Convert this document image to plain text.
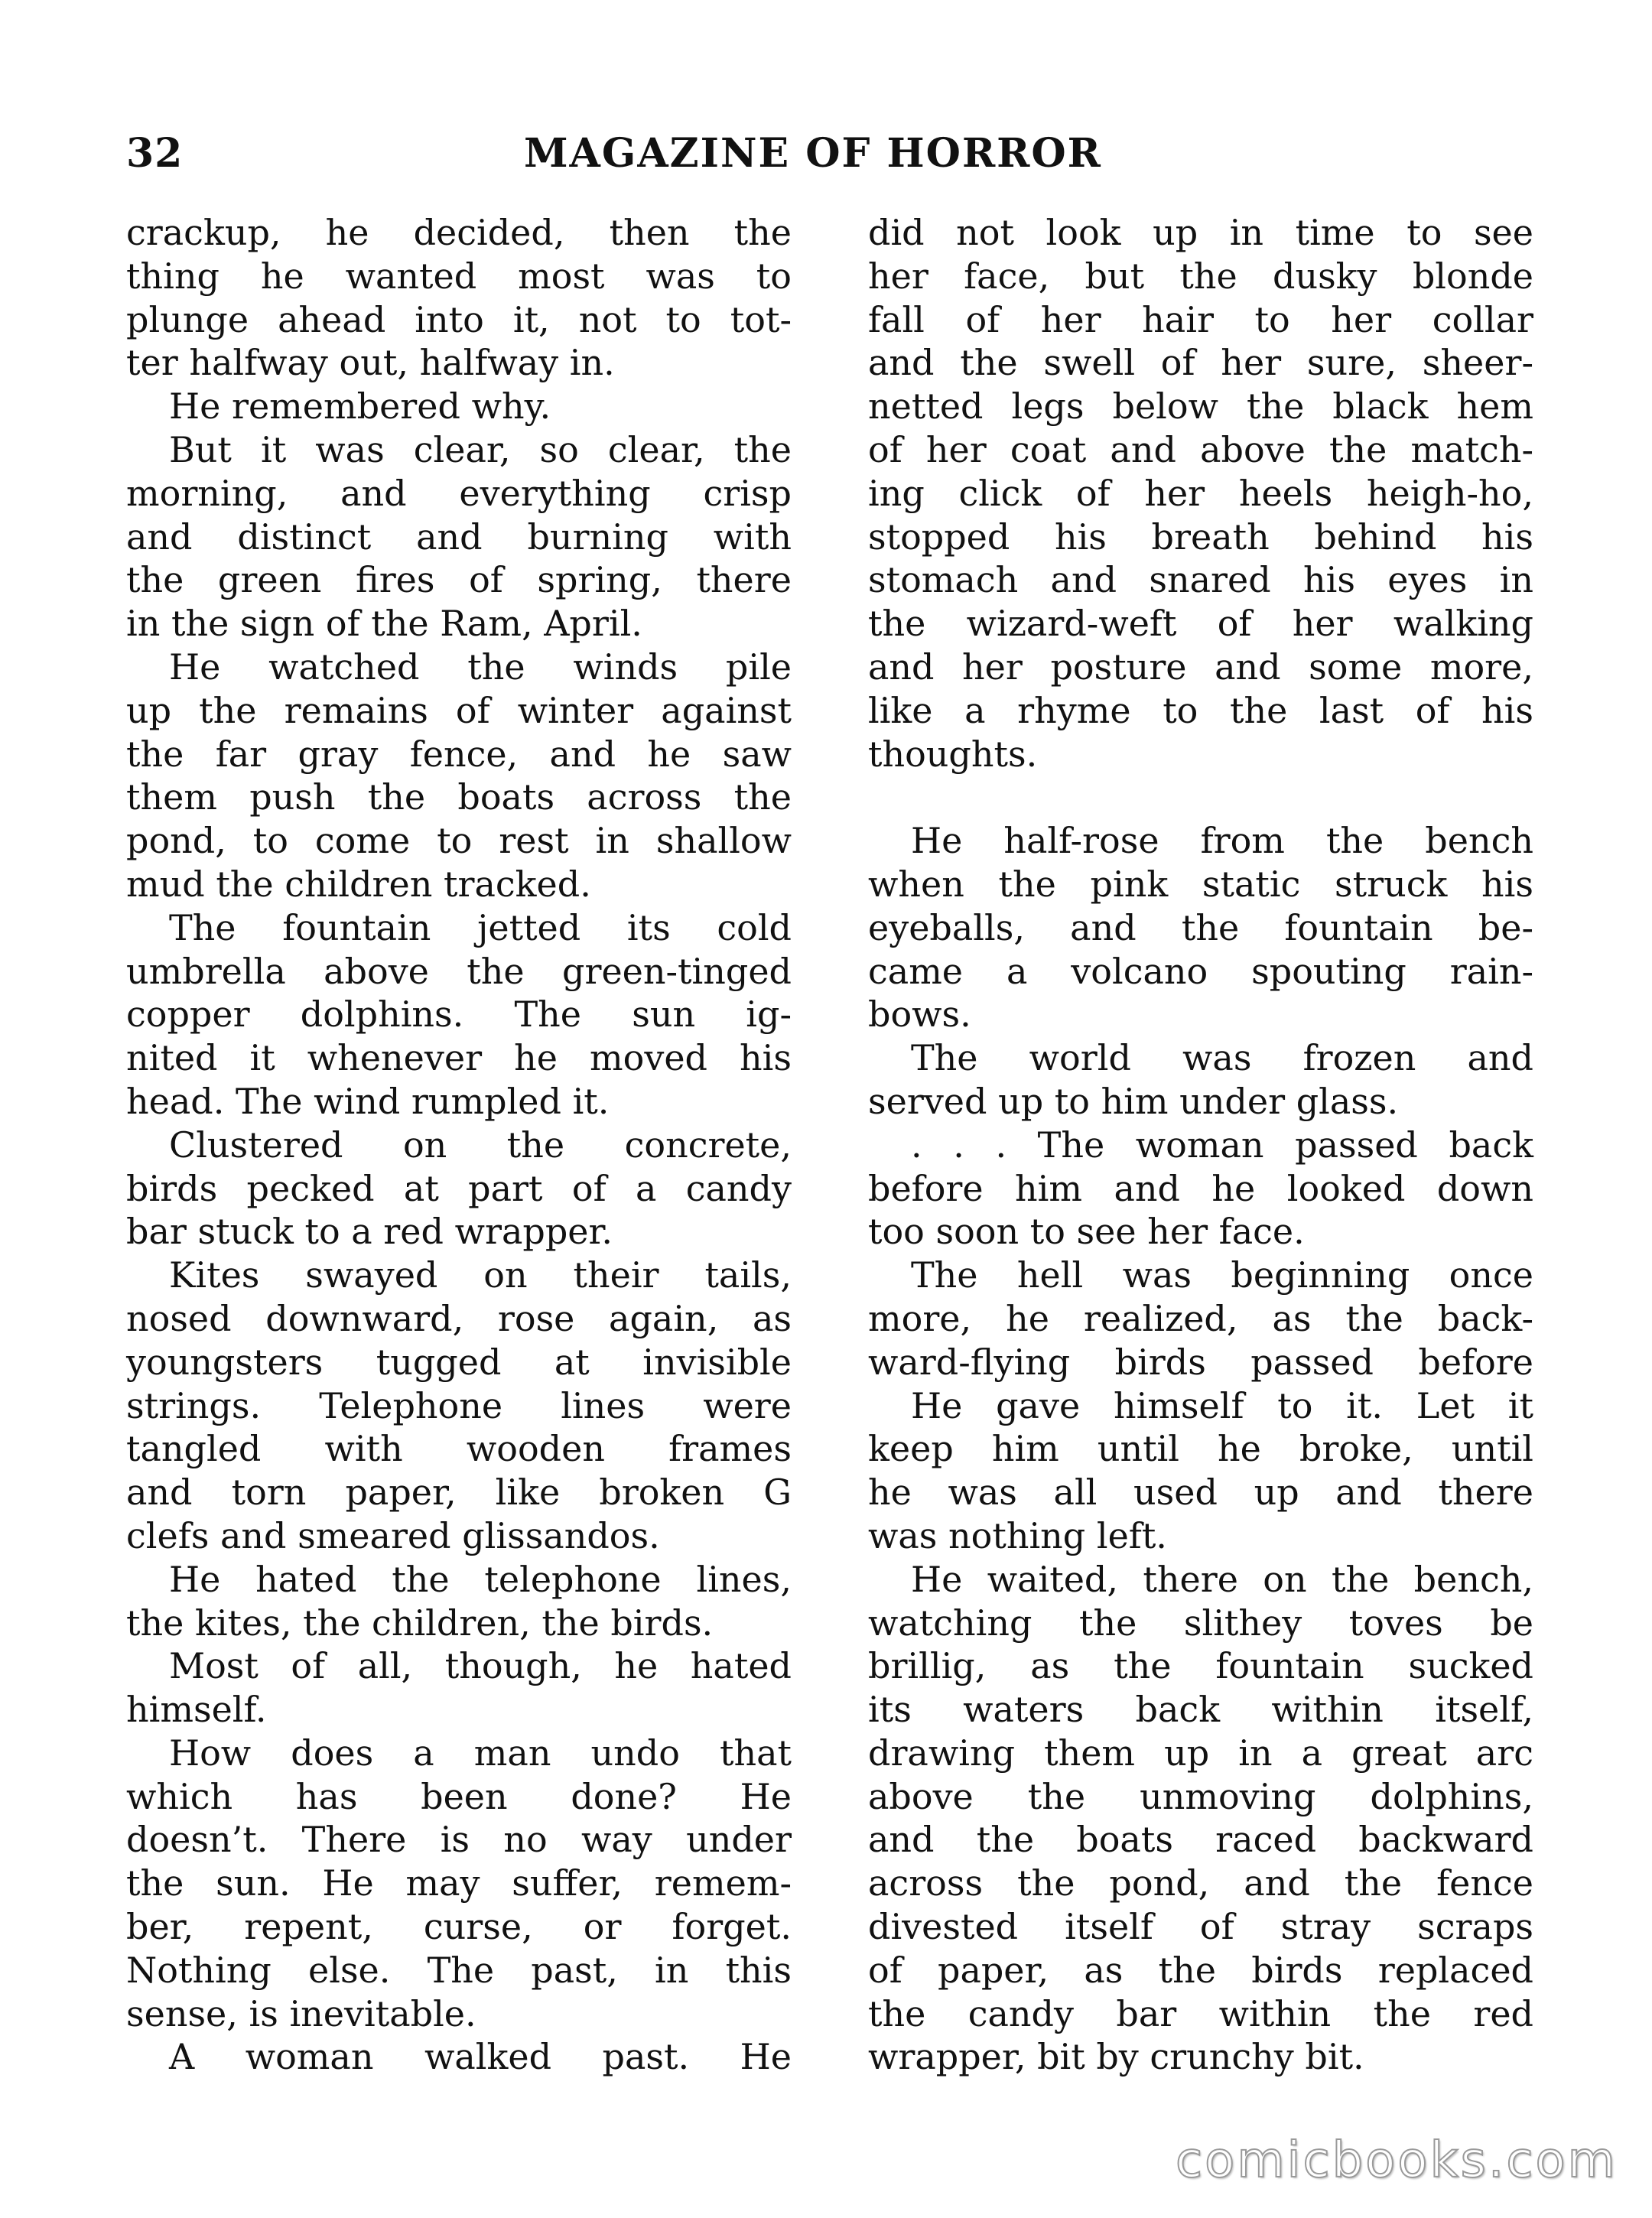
32	MAGAZINE OF HORROR
crackup, he decided, then the
thing he wanted most was to
plunge ahead into it, not to tot-
ter halfway out, halfway in.
He remembered why.
But it was clear, so clear, the
morning, and everything crisp
and distinct and burning with
the green fires of spring, there
in the sign of the Ram, April.
He watched the winds pile
up the remains of winter against
the far gray fence, and he saw
them push the boats across the
pond, to come to rest in shallow
mud the children tracked.
The fountain jetted its cold
umbrella above the green-tinged
copper dolphins. The sun ig-
nited it whenever he moved his
head. The wind rumpled it.
Clustered on the concrete,
birds pecked at part of a candy
bar stuck to a red wrapper.
Kites swayed on their tails,
nosed downward, rose again, as
youngsters tugged at invisible
strings. Telephone lines were
tangled with wooden frames
and torn paper, like broken G
clefs and smeared glissandos.
He hated the telephone lines,
the kites, the children, the birds.
Most of all, though, he hated
himself.
How does a man undo that
which has been done? He
doesn’t. There is no way under
the sun. He may suffer, remem-
ber, repent, curse, or forget.
Nothing else. The past, in this
sense, is inevitable.
A woman walked past. He
did not look up in time to see
her face, but the dusky blonde
fall of her hair to her collar
and the swell of her sure, sheer-
netted legs below the black hem
of her coat and above the match-
ing click of her heels heigh-ho,
stopped his breath behind his
stomach and snared his eyes in
the wizard-weft of her walking
and her posture and some more,
like a rhyme to the last of his
thoughts.
He half-rose from the bench
when the pink static struck his
eyeballs, and the fountain be-
came a volcano spouting rain-
bows.
The world was frozen and
served up to him under glass.
. . . The woman passed back
before him and he looked down
too soon to see her face.
The hell was beginning once
more, he realized, as the back-
ward-flying birds passed before
He gave himself to it. Let it
keep him until he broke, until
he was all used up and there
was nothing left.
He waited, there on the bench,
watching the slithey toves be
brillig, as the fountain sucked
its waters back within itself,
drawing them up in a great arc
above the unmoving dolphins,
and the boats raced backward
across the pond, and the fence
divested itself of stray scraps
of paper, as the birds replaced
the candy bar within the red
wrapper, bit by crunchy bit.
comicbooks.com
